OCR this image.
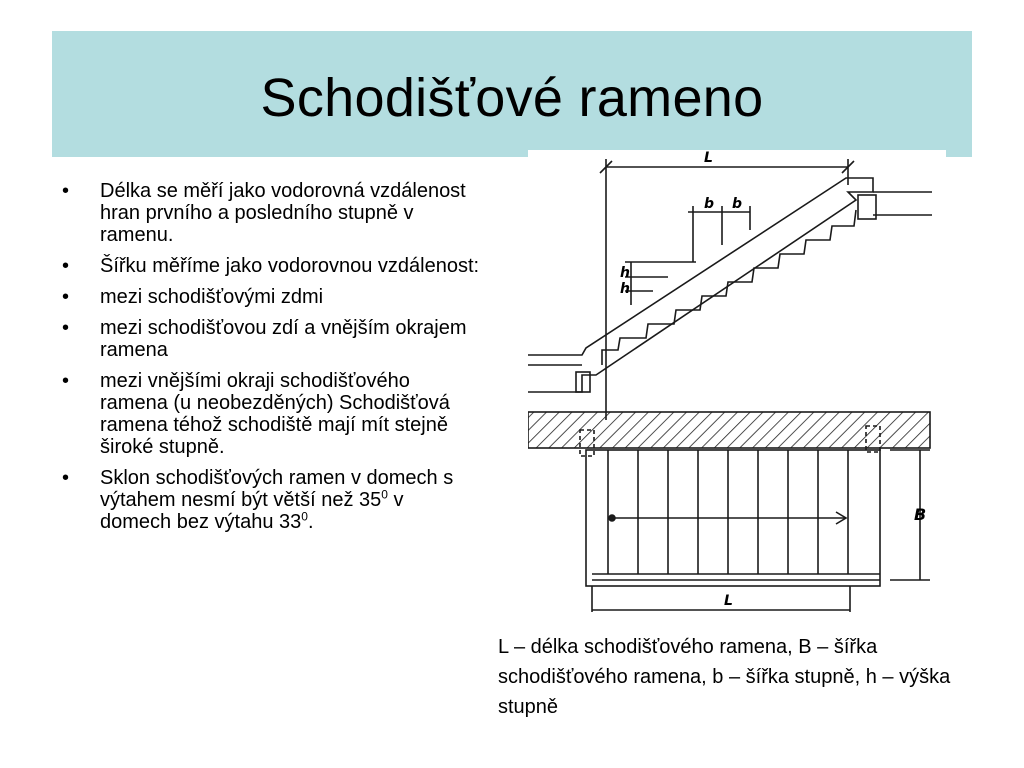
Schodišťové rameno
• Délka se měří jako vodorovná vzdálenost hran prvního a posledního stupně v ramenu.
• Šířku měříme jako vodorovnou vzdálenost:
• mezi schodišťovými zdmi
• mezi schodišťovou zdí a vnějším okrajem ramena
• mezi vnějšími okraji schodišťového ramena (u neobezděných) Schodišťová ramena téhož schodiště mají mít stejně široké stupně.
• Sklon schodišťových ramen v domech s výtahem nesmí být větší než $35^0$ v domech bez výtahu $33^0$.
L
b b
h
h
B
L

L – délka schodišťového ramena, B – šířka schodišťového ramena, b – šířka stupně, h – výška stupně
